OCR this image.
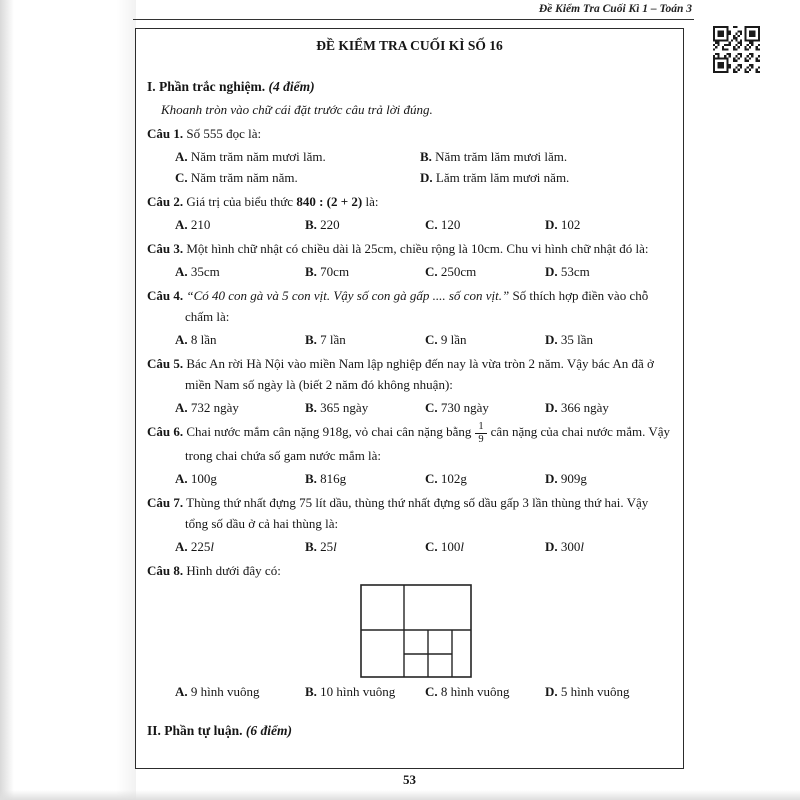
Đề Kiểm Tra Cuối Kì 1 – Toán 3
ĐỀ KIỂM TRA CUỐI KÌ SỐ 16
I. Phần trắc nghiệm. (4 điểm)
Khoanh tròn vào chữ cái đặt trước câu trả lời đúng.
Câu 1. Số 555 đọc là:
A. Năm trăm năm mươi lăm.	B. Năm trăm lăm mươi lăm.
C. Năm trăm năm năm.	D. Lăm trăm lăm mươi năm.
Câu 2. Giá trị của biểu thức 840 : (2 + 2) là:
A. 210	B. 220	C. 120	D. 102
Câu 3. Một hình chữ nhật có chiều dài là 25cm, chiều rộng là 10cm. Chu vi hình chữ nhật đó là:
A. 35cm	B. 70cm	C. 250cm	D. 53cm
Câu 4. “Có 40 con gà và 5 con vịt. Vậy số con gà gấp .... số con vịt.” Số thích hợp điền vào chỗ chấm là:
A. 8 lần	B. 7 lần	C. 9 lần	D. 35 lần
Câu 5. Bác An rời Hà Nội vào miền Nam lập nghiệp đến nay là vừa tròn 2 năm. Vậy bác An đã ở miền Nam số ngày là (biết 2 năm đó không nhuận):
A. 732 ngày	B. 365 ngày	C. 730 ngày	D. 366 ngày
Câu 6. Chai nước mắm cân nặng 918g, vỏ chai cân nặng bằng $\frac{1}{9}$ cân nặng của chai nước mắm. Vậy trong chai chứa số gam nước mắm là:
A. 100g	B. 816g	C. 102g	D. 909g
Câu 7. Thùng thứ nhất đựng 75 lít dầu, thùng thứ nhất đựng số dầu gấp 3 lần thùng thứ hai. Vậy tổng số dầu ở cả hai thùng là:
A. 225l	B. 25l	C. 100l	D. 300l
Câu 8. Hình dưới đây có:
A. 9 hình vuông	B. 10 hình vuông	C. 8 hình vuông	D. 5 hình vuông
II. Phần tự luận. (6 điểm)
53
